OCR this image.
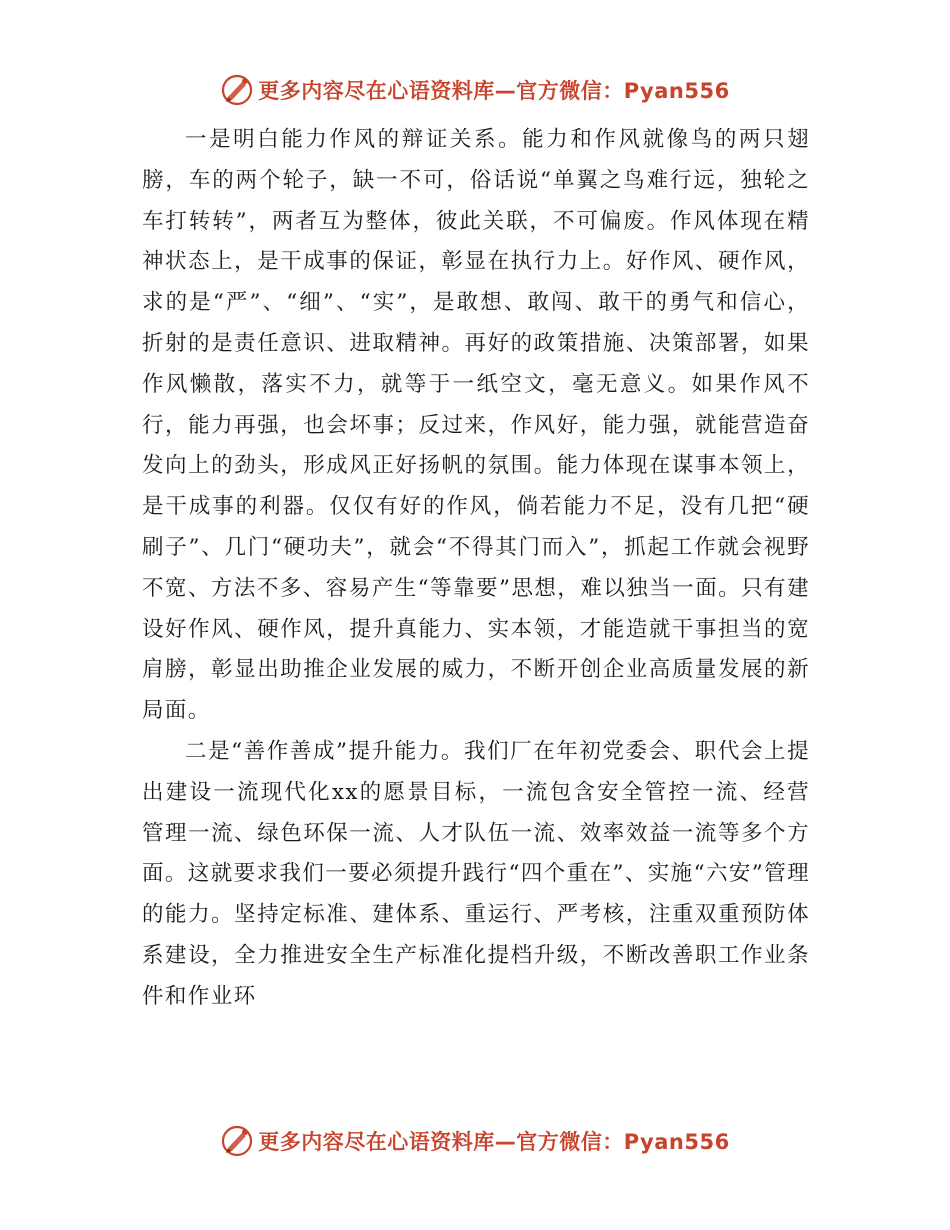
更多内容尽在心语资料库—官方微信：Pyan556

一是明白能力作风的辩证关系。能力和作风就像鸟的两只翅膀，车的两个轮子，缺一不可，俗话说“单翼之鸟难行远，独轮之车打转转”，两者互为整体，彼此关联，不可偏废。作风体现在精神状态上，是干成事的保证，彰显在执行力上。好作风、硬作风，求的是“严”、“细”、“实”，是敢想、敢闯、敢干的勇气和信心，折射的是责任意识、进取精神。再好的政策措施、决策部署，如果作风懒散，落实不力，就等于一纸空文，毫无意义。如果作风不行，能力再强，也会坏事；反过来，作风好，能力强，就能营造奋发向上的劲头，形成风正好扬帆的氛围。能力体现在谋事本领上，是干成事的利器。仅仅有好的作风，倘若能力不足，没有几把“硬刷子”、几门“硬功夫”，就会“不得其门而入”，抓起工作就会视野不宽、方法不多、容易产生“等靠要”思想，难以独当一面。只有建设好作风、硬作风，提升真能力、实本领，才能造就干事担当的宽肩膀，彰显出助推企业发展的威力，不断开创企业高质量发展的新局面。

二是“善作善成”提升能力。我们厂在年初党委会、职代会上提出建设一流现代化xx的愿景目标，一流包含安全管控一流、经营管理一流、绿色环保一流、人才队伍一流、效率效益一流等多个方面。这就要求我们一要必须提升践行“四个重在”、实施“六安”管理的能力。坚持定标准、建体系、重运行、严考核，注重双重预防体系建设，全力推进安全生产标准化提档升级，不断改善职工作业条件和作业环

更多内容尽在心语资料库—官方微信：Pyan556
